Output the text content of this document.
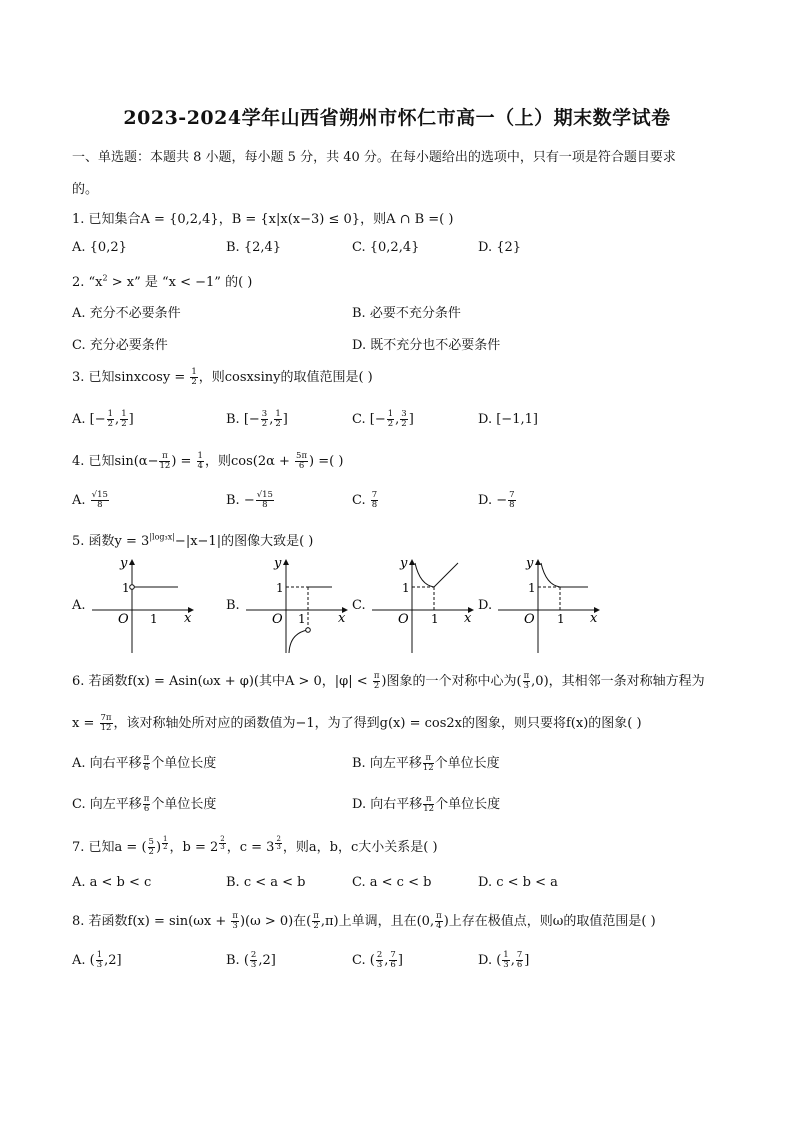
2023-2024学年山西省朔州市怀仁市高一（上）期末数学试卷
一、单选题：本题共 8 小题，每小题 5 分，共 40 分。在每小题给出的选项中，只有一项是符合题目要求
的。
1. 已知集合A = {0,2,4}，B = {x|x(x−3) ≤ 0}，则A ∩ B =( )
A. {0,2}	B. {2,4}	C. {0,2,4}	D. {2}
2. “$x^2 > x$” 是 “x < −1” 的( )
A. 充分不必要条件	B. 必要不充分条件
C. 充分必要条件	D. 既不充分也不必要条件
3. 已知sinxcosy = $\frac{1}{2}$ ，则cosxsiny的取值范围是( )
A. [− $\frac{1}{2}$ , $\frac{1}{2}$ ]	B. [− $\frac{3}{2}$ , $\frac{1}{2}$ ]	C. [− $\frac{1}{2}$ , $\frac{3}{2}$ ]	D. [−1,1]
4. 已知$\sin(\alpha- \frac{\pi}{12}$ ) = $\frac{1}{4}$ ，则$\cos(2\alpha + \frac{5\pi}{6}$ ) =( )
A. $\frac{√15}{8}$	B. − $\frac{√15}{8}$	C. $\frac{7}{8}$	D. − $\frac{7}{8}$
5. 函数$y = 3^{|log_3x|}-|x-1|$的图像大致是( )
A.
y
x
O
1
1
B.
y
x
O
1
1
C.
y
x
O
1
1
D.
y
x
O
1
1
6. 若函数f(x) = Asin(ωx + φ)(其中A > 0，$|\varphi| < \frac{\pi}{2}$ )图象的一个对称中心为( $\frac{\pi}{3} ,0$)，其相邻一条对称轴方程为
$x = \frac{7\pi}{12}$ ，该对称轴处所对应的函数值为−1，为了得到g(x) = cos2x的图象，则只要将f(x)的图象( )
A. 向右平移 $\frac{\pi}{6}$ 个单位长度	B. 向左平移 $\frac{\pi}{12}$ 个单位长度
C. 向左平移 $\frac{\pi}{6}$ 个单位长度	D. 向右平移 $\frac{\pi}{12}$ 个单位长度
7. 已知a = ( $\frac{5}{2}$ ) $^{\frac{1}{2}}$ ，b = 2 $^{\frac{2}{3}}$ ，c = 3 $^{\frac{2}{3}}$ ，则a，b，c大小关系是( )
A. a < b < c	B. c < a < b	C. a < c < b	D. c < b < a
8. 若函数$f(x) = \sin(\omega x + \frac{\pi}{3} )(\omega > 0)$在( $\frac{\pi}{2} ,\pi$)上单调，且在(0, $\frac{\pi}{4}$ )上存在极值点，则ω的取值范围是( )
A. ( $\frac{1}{3} ,2$]	B. ( $\frac{2}{3} ,2$]	C. ( $\frac{2}{3}$ , $\frac{7}{6}$ ]	D. ( $\frac{1}{3}$ , $\frac{7}{6}$ ]
